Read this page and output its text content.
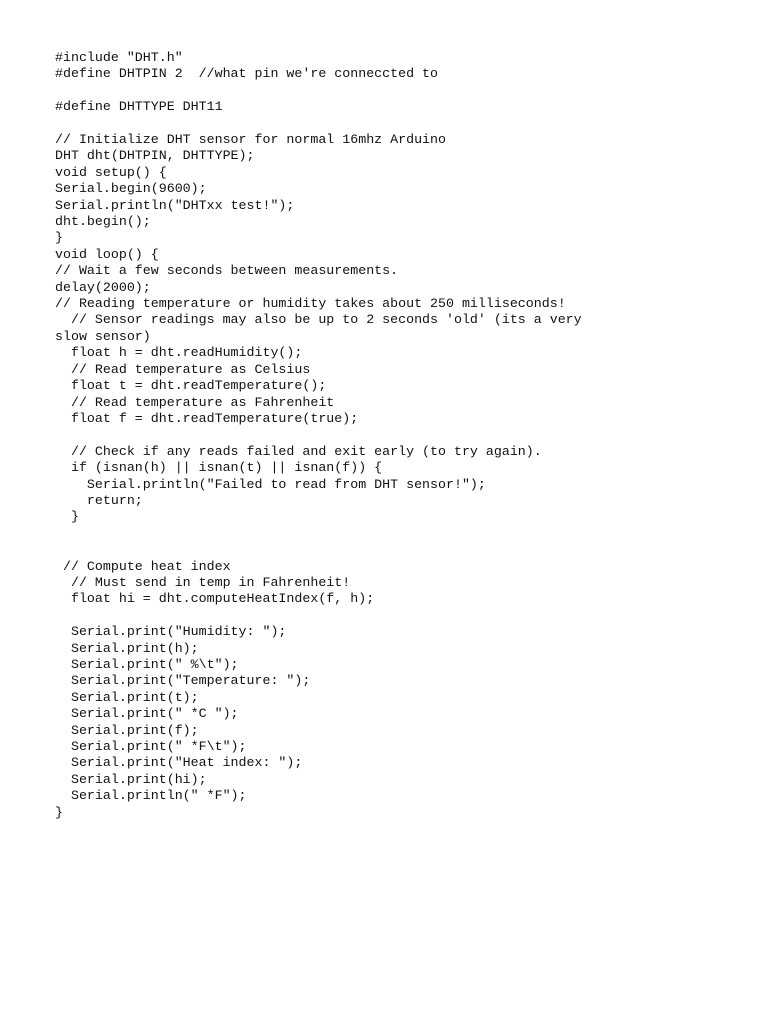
#include "DHT.h"
#define DHTPIN 2  //what pin we're conneccted to
#define DHTTYPE DHT11
// Initialize DHT sensor for normal 16mhz Arduino
DHT dht(DHTPIN, DHTTYPE);
void setup() {
Serial.begin(9600);
Serial.println("DHTxx test!");
dht.begin();
}
void loop() {
// Wait a few seconds between measurements.
delay(2000);
// Reading temperature or humidity takes about 250 milliseconds!
// Sensor readings may also be up to 2 seconds 'old' (its a very
slow sensor)
float h = dht.readHumidity();
// Read temperature as Celsius
float t = dht.readTemperature();
// Read temperature as Fahrenheit
float f = dht.readTemperature(true);
// Check if any reads failed and exit early (to try again).
if (isnan(h) || isnan(t) || isnan(f)) {
Serial.println("Failed to read from DHT sensor!");
return;
}
// Compute heat index
// Must send in temp in Fahrenheit!
float hi = dht.computeHeatIndex(f, h);
Serial.print("Humidity: ");
Serial.print(h);
Serial.print(" %\t");
Serial.print("Temperature: ");
Serial.print(t);
Serial.print(" *C ");
Serial.print(f);
Serial.print(" *F\t");
Serial.print("Heat index: ");
Serial.print(hi);
Serial.println(" *F");
}
